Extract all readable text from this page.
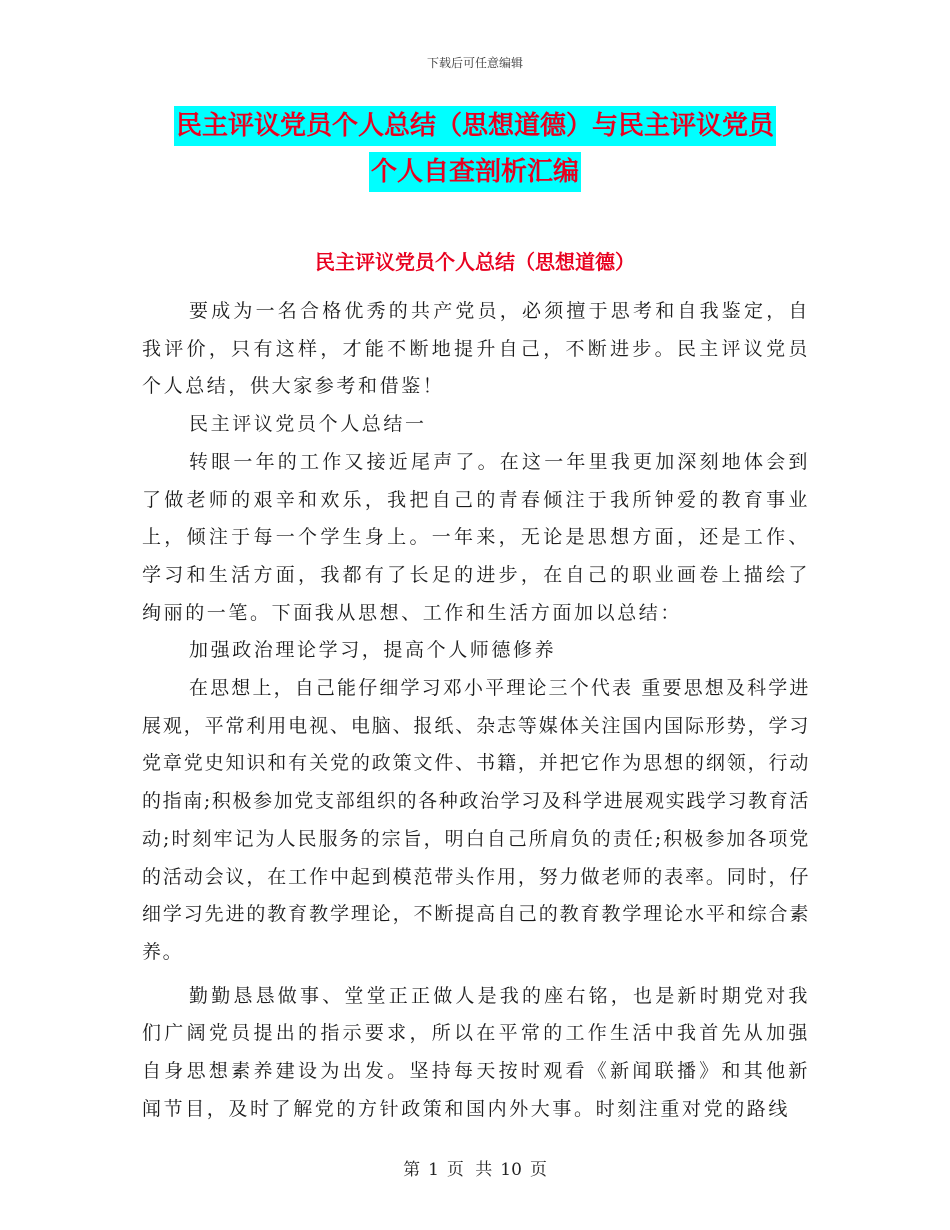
下载后可任意编辑
民主评议党员个人总结（思想道德）与民主评议党员
个人自查剖析汇编
民主评议党员个人总结（思想道德）

要成为一名合格优秀的共产党员，必须擅于思考和自我鉴定，自我评价，只有这样，才能不断地提升自己，不断进步。民主评议党员个人总结，供大家参考和借鉴！

民主评议党员个人总结一

转眼一年的工作又接近尾声了。在这一年里我更加深刻地体会到了做老师的艰辛和欢乐，我把自己的青春倾注于我所钟爱的教育事业上，倾注于每一个学生身上。一年来，无论是思想方面，还是工作、学习和生活方面，我都有了长足的进步，在自己的职业画卷上描绘了绚丽的一笔。下面我从思想、工作和生活方面加以总结：

加强政治理论学习，提高个人师德修养

在思想上，自己能仔细学习邓小平理论三个代表 重要思想及科学进展观，平常利用电视、电脑、报纸、杂志等媒体关注国内国际形势，学习党章党史知识和有关党的政策文件、书籍，并把它作为思想的纲领，行动的指南;积极参加党支部组织的各种政治学习及科学进展观实践学习教育活动;时刻牢记为人民服务的宗旨，明白自己所肩负的责任;积极参加各项党的活动会议，在工作中起到模范带头作用，努力做老师的表率。同时，仔细学习先进的教育教学理论，不断提高自己的教育教学理论水平和综合素养。

勤勤恳恳做事、堂堂正正做人是我的座右铭，也是新时期党对我们广阔党员提出的指示要求，所以在平常的工作生活中我首先从加强自身思想素养建设为出发。坚持每天按时观看《新闻联播》和其他新闻节目，及时了解党的方针政策和国内外大事。时刻注重对党的路线

第 1 页 共 10 页
